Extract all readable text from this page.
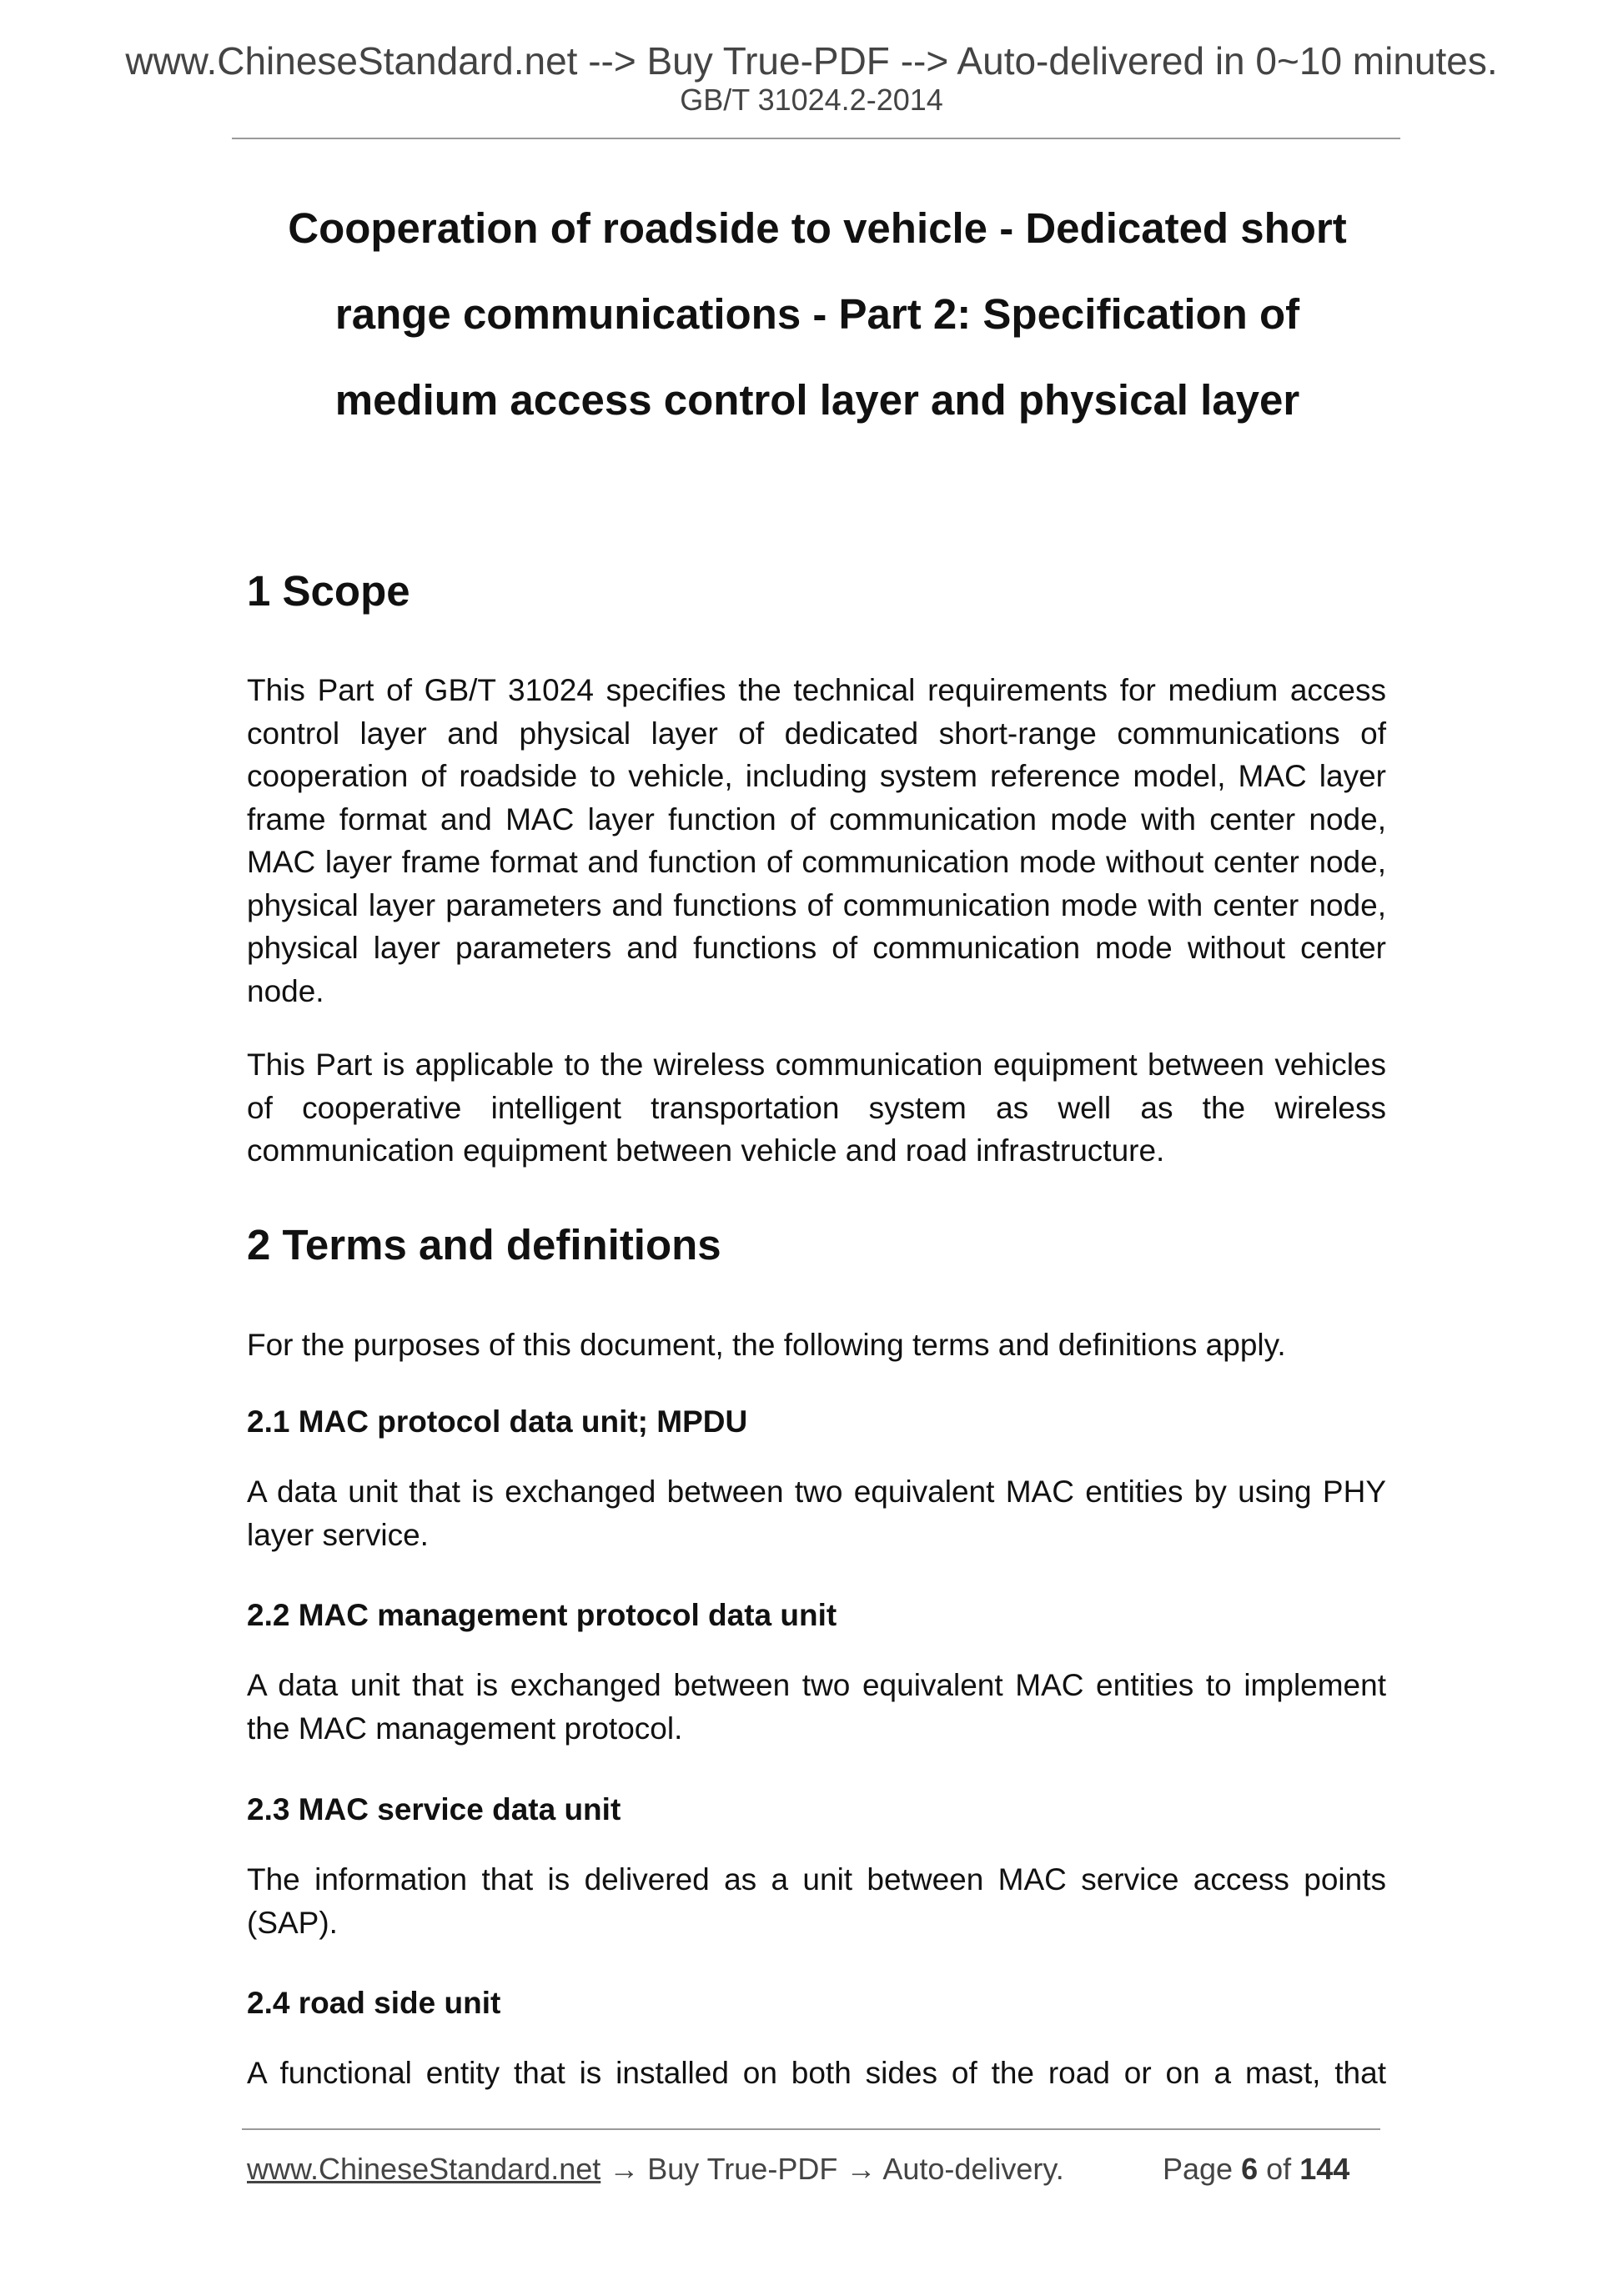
www.ChineseStandard.net --> Buy True-PDF --> Auto-delivered in 0~10 minutes.
GB/T 31024.2-2014
Cooperation of roadside to vehicle - Dedicated short
range communications - Part 2: Specification of
medium access control layer and physical layer
1 Scope

This Part of GB/T 31024 specifies the technical requirements for medium access control layer and physical layer of dedicated short-range communications of cooperation of roadside to vehicle, including system reference model, MAC layer frame format and MAC layer function of communication mode with center node, MAC layer frame format and function of communication mode without center node, physical layer parameters and functions of communication mode with center node, physical layer parameters and functions of communication mode without center node.

This Part is applicable to the wireless communication equipment between vehicles of cooperative intelligent transportation system as well as the wireless communication equipment between vehicle and road infrastructure.

2 Terms and definitions

For the purposes of this document, the following terms and definitions apply.

2.1 MAC protocol data unit; MPDU

A data unit that is exchanged between two equivalent MAC entities by using PHY layer service.

2.2 MAC management protocol data unit

A data unit that is exchanged between two equivalent MAC entities to implement the MAC management protocol.

2.3 MAC service data unit

The information that is delivered as a unit between MAC service access points (SAP).

2.4 road side unit

A functional entity that is installed on both sides of the road or on a mast, that

www.ChineseStandard.net → Buy True-PDF → Auto-delivery.	Page 6 of 144
